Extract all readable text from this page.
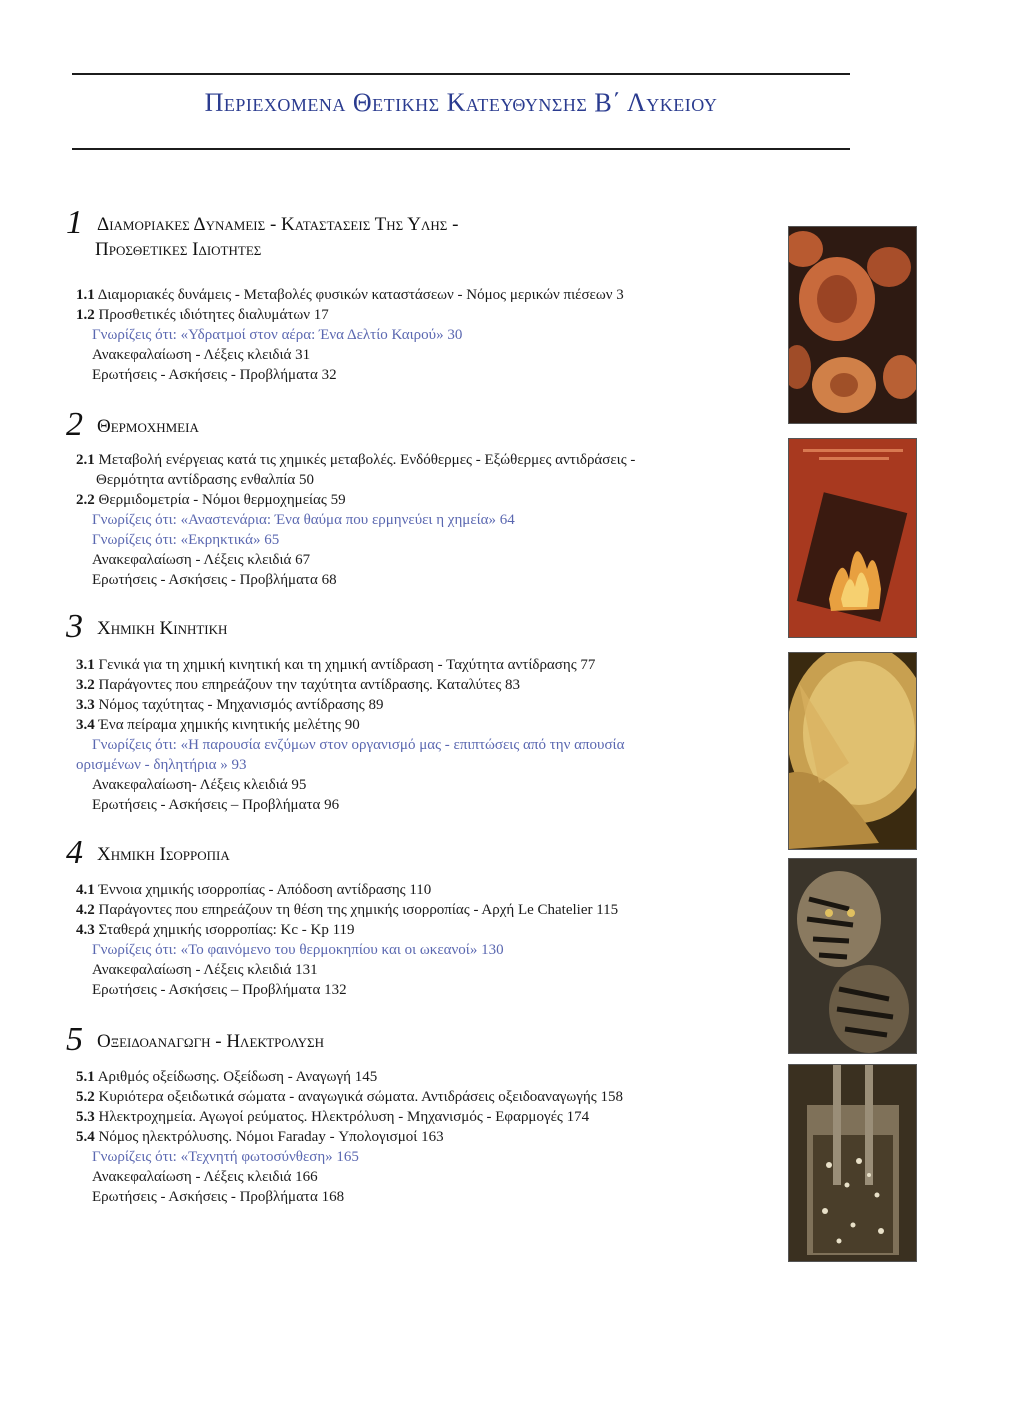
Περιεχομενα Θετικησ Κατευθυνσησ Β΄ Λυκειου
1 Διαμοριακεσ Δυναμεισ - Καταστασεισ Τησ Υλησ -
Προσθετικεσ Ιδιοτητεσ
1.1 Διαμοριακές δυνάμεις - Μεταβολές φυσικών καταστάσεων - Νόμος μερικών πιέσεων 3
1.2 Προσθετικές ιδιότητες διαλυμάτων 17
Γνωρίζεις ότι: «Υδρατμοί στον αέρα: Ένα Δελτίο Καιρού» 30
Ανακεφαλαίωση - Λέξεις κλειδιά 31
Ερωτήσεις - Ασκήσεις - Προβλήματα 32
2 Θερμοχημεια
2.1 Μεταβολή ενέργειας κατά τις χημικές μεταβολές. Ενδόθερμες - Εξώθερμες αντιδράσεις -
Θερμότητα αντίδρασης ενθαλπία 50
2.2 Θερμιδομετρία - Νόμοι θερμοχημείας 59
Γνωρίζεις ότι: «Αναστενάρια: Ένα θαύμα που ερμηνεύει η χημεία» 64
Γνωρίζεις ότι: «Εκρηκτικά» 65
Ανακεφαλαίωση - Λέξεις κλειδιά 67
Ερωτήσεις - Ασκήσεις - Προβλήματα 68
3 Χημικη Κινητικη
3.1 Γενικά για τη χημική κινητική και τη χημική αντίδραση - Ταχύτητα αντίδρασης 77
3.2 Παράγοντες που επηρεάζουν την ταχύτητα αντίδρασης. Καταλύτες 83
3.3 Νόμος ταχύτητας - Μηχανισμός αντίδρασης 89
3.4 Ένα πείραμα χημικής κινητικής μελέτης 90
Γνωρίζεις ότι: «Η παρουσία ενζύμων στον οργανισμό μας - επιπτώσεις από την απουσία
ορισμένων - δηλητήρια » 93
Ανακεφαλαίωση- Λέξεις κλειδιά 95
Ερωτήσεις - Ασκήσεις – Προβλήματα 96
4 Χημικη Ισορροπια
4.1 Έννοια χημικής ισορροπίας - Απόδοση αντίδρασης 110
4.2 Παράγοντες που επηρεάζουν τη θέση της χημικής ισορροπίας - Αρχή Le Chatelier 115
4.3 Σταθερά χημικής ισορροπίας: Kc - Kp 119
Γνωρίζεις ότι: «Το φαινόμενο του θερμοκηπίου και οι ωκεανοί» 130
Ανακεφαλαίωση - Λέξεις κλειδιά 131
Ερωτήσεις - Ασκήσεις – Προβλήματα 132
5 Οξειδοαναγωγη - Ηλεκτρολυση
5.1 Αριθμός οξείδωσης. Οξείδωση - Αναγωγή 145
5.2 Κυριότερα οξειδωτικά σώματα - αναγωγικά σώματα. Αντιδράσεις οξειδοαναγωγής 158
5.3 Ηλεκτροχημεία. Αγωγοί ρεύματος. Ηλεκτρόλυση - Μηχανισμός - Εφαρμογές 174
5.4 Νόμος ηλεκτρόλυσης. Νόμοι Faraday - Υπολογισμοί 163
Γνωρίζεις ότι: «Τεχνητή φωτοσύνθεση» 165
Ανακεφαλαίωση - Λέξεις κλειδιά 166
Ερωτήσεις - Ασκήσεις - Προβλήματα 168
